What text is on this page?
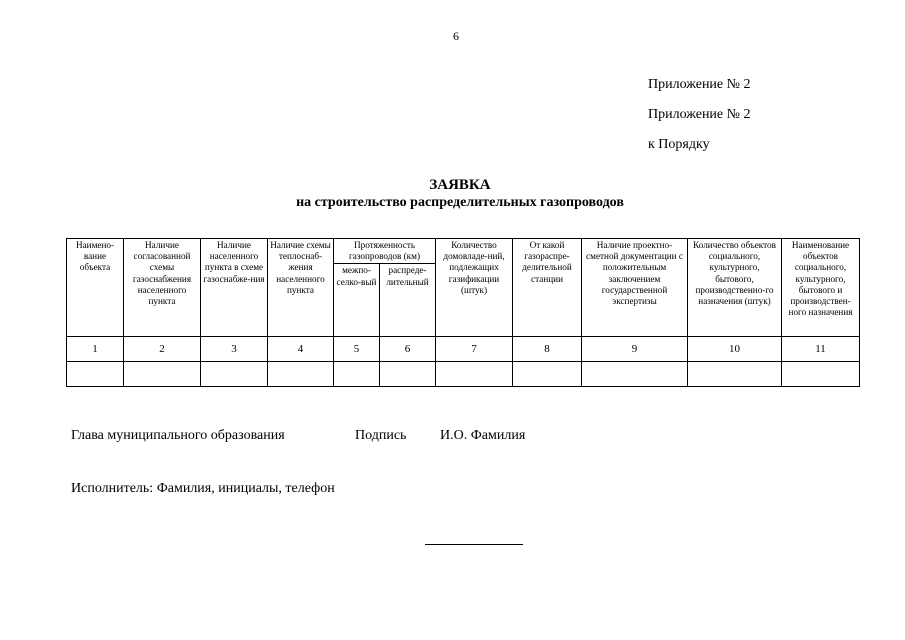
6
Приложение № 2
Приложение № 2
к Порядку
ЗАЯВКА
на строительство распределительных газопроводов
Наимено-вание объекта	Наличие согласованной схемы газоснабжения населенного пункта	Наличие населенного пункта в схеме газоснабже-ния	Наличие схемы теплоснаб-жения населенного пункта	Протяженность газопроводов (км)		Количество домовладе-ний, подлежащих газификации (штук)	От какой газораспре-делительной станции	Наличие проектно-сметной документации с положительным заключением государственной экспертизы	Количество объектов социального, культурного, бытового, производственно-го назначения (штук)	Наименование объектов социального, культурного, бытового и производствен-ного назначения
				межпо-селко-вый	распреде-лительный					
1	2	3	4	5	6	7	8	9	10	11

Глава муниципального образования	Подпись И.О. Фамилия
Исполнитель: Фамилия, инициалы, телефон
